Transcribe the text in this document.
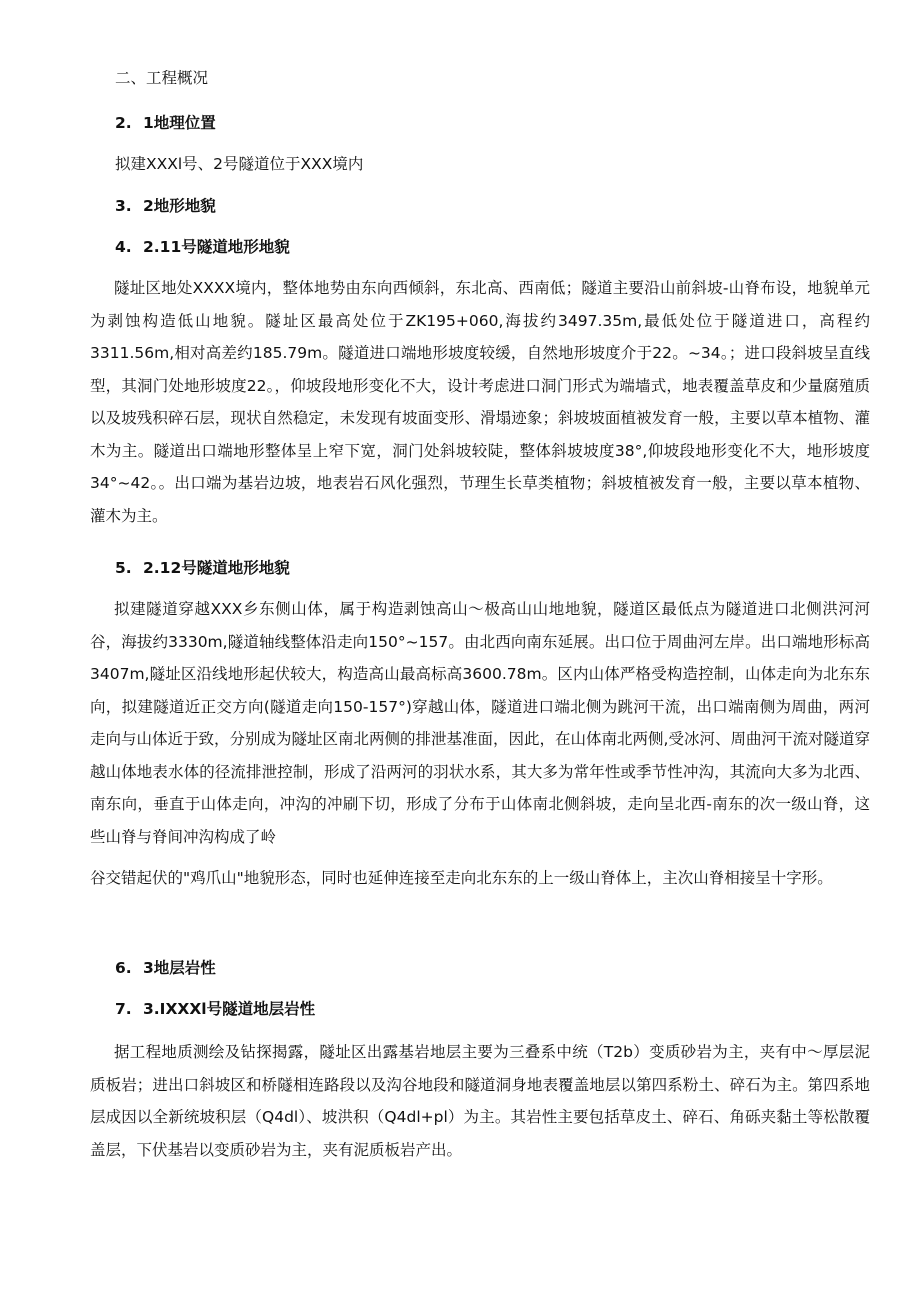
二、工程概况
2. 1地理位置
拟建XXXl号、2号隧道位于XXX境内
3. 2地形地貌
4. 2.11号隧道地形地貌

隧址区地处XXXX境内，整体地势由东向西倾斜，东北高、西南低；隧道主要沿山前斜坡-山脊布设，地貌单元为剥蚀构造低山地貌。隧址区最高处位于ZK195+060,海拔约3497.35m,最低处位于隧道进口，高程约3311.56m,相对高差约185.79m。隧道进口端地形坡度较缓，自然地形坡度介于22。~34。；进口段斜坡呈直线型，其洞门处地形坡度22。，仰坡段地形变化不大，设计考虑进口洞门形式为端墙式，地表覆盖草皮和少量腐殖质以及坡残积碎石层，现状自然稳定，未发现有坡面变形、滑塌迹象；斜坡坡面植被发育一般，主要以草本植物、灌木为主。隧道出口端地形整体呈上窄下宽，洞门处斜坡较陡，整体斜坡坡度38°,仰坡段地形变化不大，地形坡度34°~42。。出口端为基岩边坡，地表岩石风化强烈，节理生长草类植物；斜坡植被发育一般，主要以草本植物、灌木为主。

5. 2.12号隧道地形地貌

拟建隧道穿越XXX乡东侧山体，属于构造剥蚀高山～极高山山地地貌，隧道区最低点为隧道进口北侧洪河河谷，海拔约3330m,隧道轴线整体沿走向150°~157。由北西向南东延展。出口位于周曲河左岸。出口端地形标高3407m,隧址区沿线地形起伏较大，构造高山最高标高3600.78m。区内山体严格受构造控制，山体走向为北东东向，拟建隧道近正交方向(隧道走向150-157°)穿越山体，隧道进口端北侧为跳河干流，出口端南侧为周曲，两河走向与山体近于致，分别成为隧址区南北两侧的排泄基准面，因此，在山体南北两侧,受冰河、周曲河干流对隧道穿越山体地表水体的径流排泄控制，形成了沿两河的羽状水系，其大多为常年性或季节性冲沟，其流向大多为北西、南东向，垂直于山体走向，冲沟的冲刷下切，形成了分布于山体南北侧斜坡，走向呈北西-南东的次一级山脊，这些山脊与脊间冲沟构成了岭

谷交错起伏的"鸡爪山"地貌形态，同时也延伸连接至走向北东东的上一级山脊体上，主次山脊相接呈十字形。

6. 3地层岩性
7. 3.IXXXl号隧道地层岩性

据工程地质测绘及钻探揭露，隧址区出露基岩地层主要为三叠系中统（T2b）变质砂岩为主，夹有中～厚层泥质板岩；进出口斜坡区和桥隧相连路段以及沟谷地段和隧道洞身地表覆盖地层以第四系粉土、碎石为主。第四系地层成因以全新统坡积层（Q4dl）、坡洪积（Q4dl+pl）为主。其岩性主要包括草皮土、碎石、角砾夹黏土等松散覆盖层，下伏基岩以变质砂岩为主，夹有泥质板岩产出。
